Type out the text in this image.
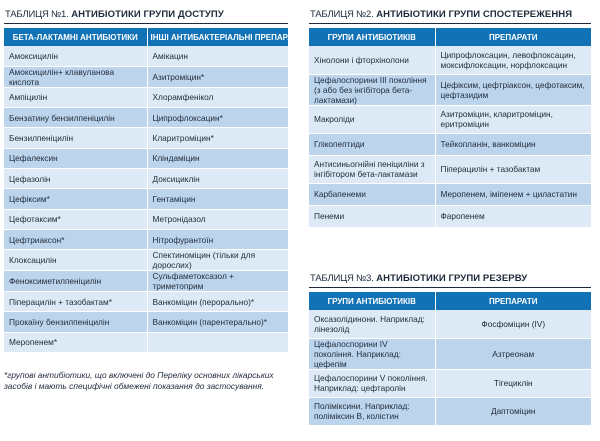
ТАБЛИЦЯ №1. АНТИБІОТИКИ ГРУПИ ДОСТУПУ
БЕТА-ЛАКТАМНІ АНТИБІОТИКИ	ІНШІ АНТИБАКТЕРІАЛЬНІ ПРЕПАРАТИ
Амоксицилін	Амікацин
Амоксицилін+ клавуланова кислота	Азитроміцин*
Ампіцилін	Хлорамфенікол
Бензатину бензилпеніцилін	Ципрофлоксацин*
Бензилпеніцилін	Кларитроміцин*
Цефалексин	Кліндаміцин
Цефазолін	Доксициклін
Цефіксим*	Гентаміцин
Цефотаксим*	Метронідазол
Цефтриаксон*	Нітрофурантоїн
Клоксацилін	Спектиноміцин (тільки для дорослих)
Феноксиметилпеніцилін	Сульфаметоксазол + триметоприм
Піперацилін + тазобактам*	Ванкоміцин (перорально)*
Прокаїну бензилпеніцилін	Ванкоміцин (парентерально)*
Меропенем*	
*групові антибіотики, що включені до Переліку основних лікарських засобів і мають специфічні обмежені показання до застосування.
ТАБЛИЦЯ №2. АНТИБІОТИКИ ГРУПИ СПОСТЕРЕЖЕННЯ
ГРУПИ АНТИБІОТИКІВ	ПРЕПАРАТИ
Хінолони і фторхінолони	Ципрофлоксацин, левофлоксацин, моксифлоксацин, норфлоксацин
Цефалоспорини III покоління (з або без інгібітора бета-лактамази)	Цефіксим, цефтріаксон, цефотаксим, цефтазидим
Макроліди	Азитроміцин, кларитроміцин, еритроміцин
Глікопептиди	Тейкопланін, ванкоміцин
Антисиньогнійні пеніциліни з інгібітором бета-лактамази	Піперацилін + тазобактам
Карбапенеми	Меропенем, іміпенем + циластатин
Пенеми	Фаропенем
ТАБЛИЦЯ №3. АНТИБІОТИКИ ГРУПИ РЕЗЕРВУ
ГРУПИ АНТИБІОТИКІВ	ПРЕПАРАТИ
Оксазолідинони. Наприклад: лінезолід	Фосфоміцин (IV)
Цефалоспорини IV покоління. Наприклад: цефепім	Азтреонам
Цефалоспорини V покоління. Наприклад: цефтаролін	Тігециклін
Поліміксини. Наприклад: поліміксин B, колістин	Даптоміцин
